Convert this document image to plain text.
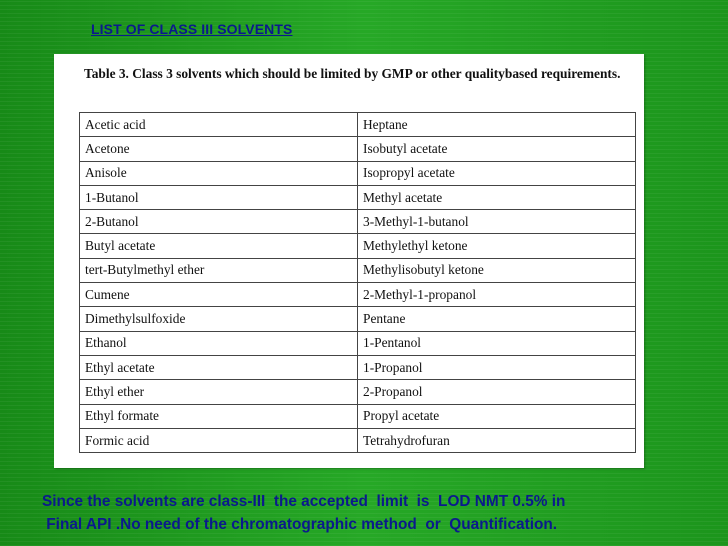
LIST OF CLASS III SOLVENTS
Table 3. Class 3 solvents which should be limited by GMP or other qualitybased requirements.
Acetic acid	Heptane
Acetone	Isobutyl acetate
Anisole	Isopropyl acetate
1-Butanol	Methyl acetate
2-Butanol	3-Methyl-1-butanol
Butyl acetate	Methylethyl ketone
tert-Butylmethyl ether	Methylisobutyl ketone
Cumene	2-Methyl-1-propanol
Dimethylsulfoxide	Pentane
Ethanol	1-Pentanol
Ethyl acetate	1-Propanol
Ethyl ether	2-Propanol
Ethyl formate	Propyl acetate
Formic acid	Tetrahydrofuran
Since the solvents are class-III  the accepted  limit  is  LOD NMT 0.5% in
Final API .No need of the chromatographic method  or  Quantification.
